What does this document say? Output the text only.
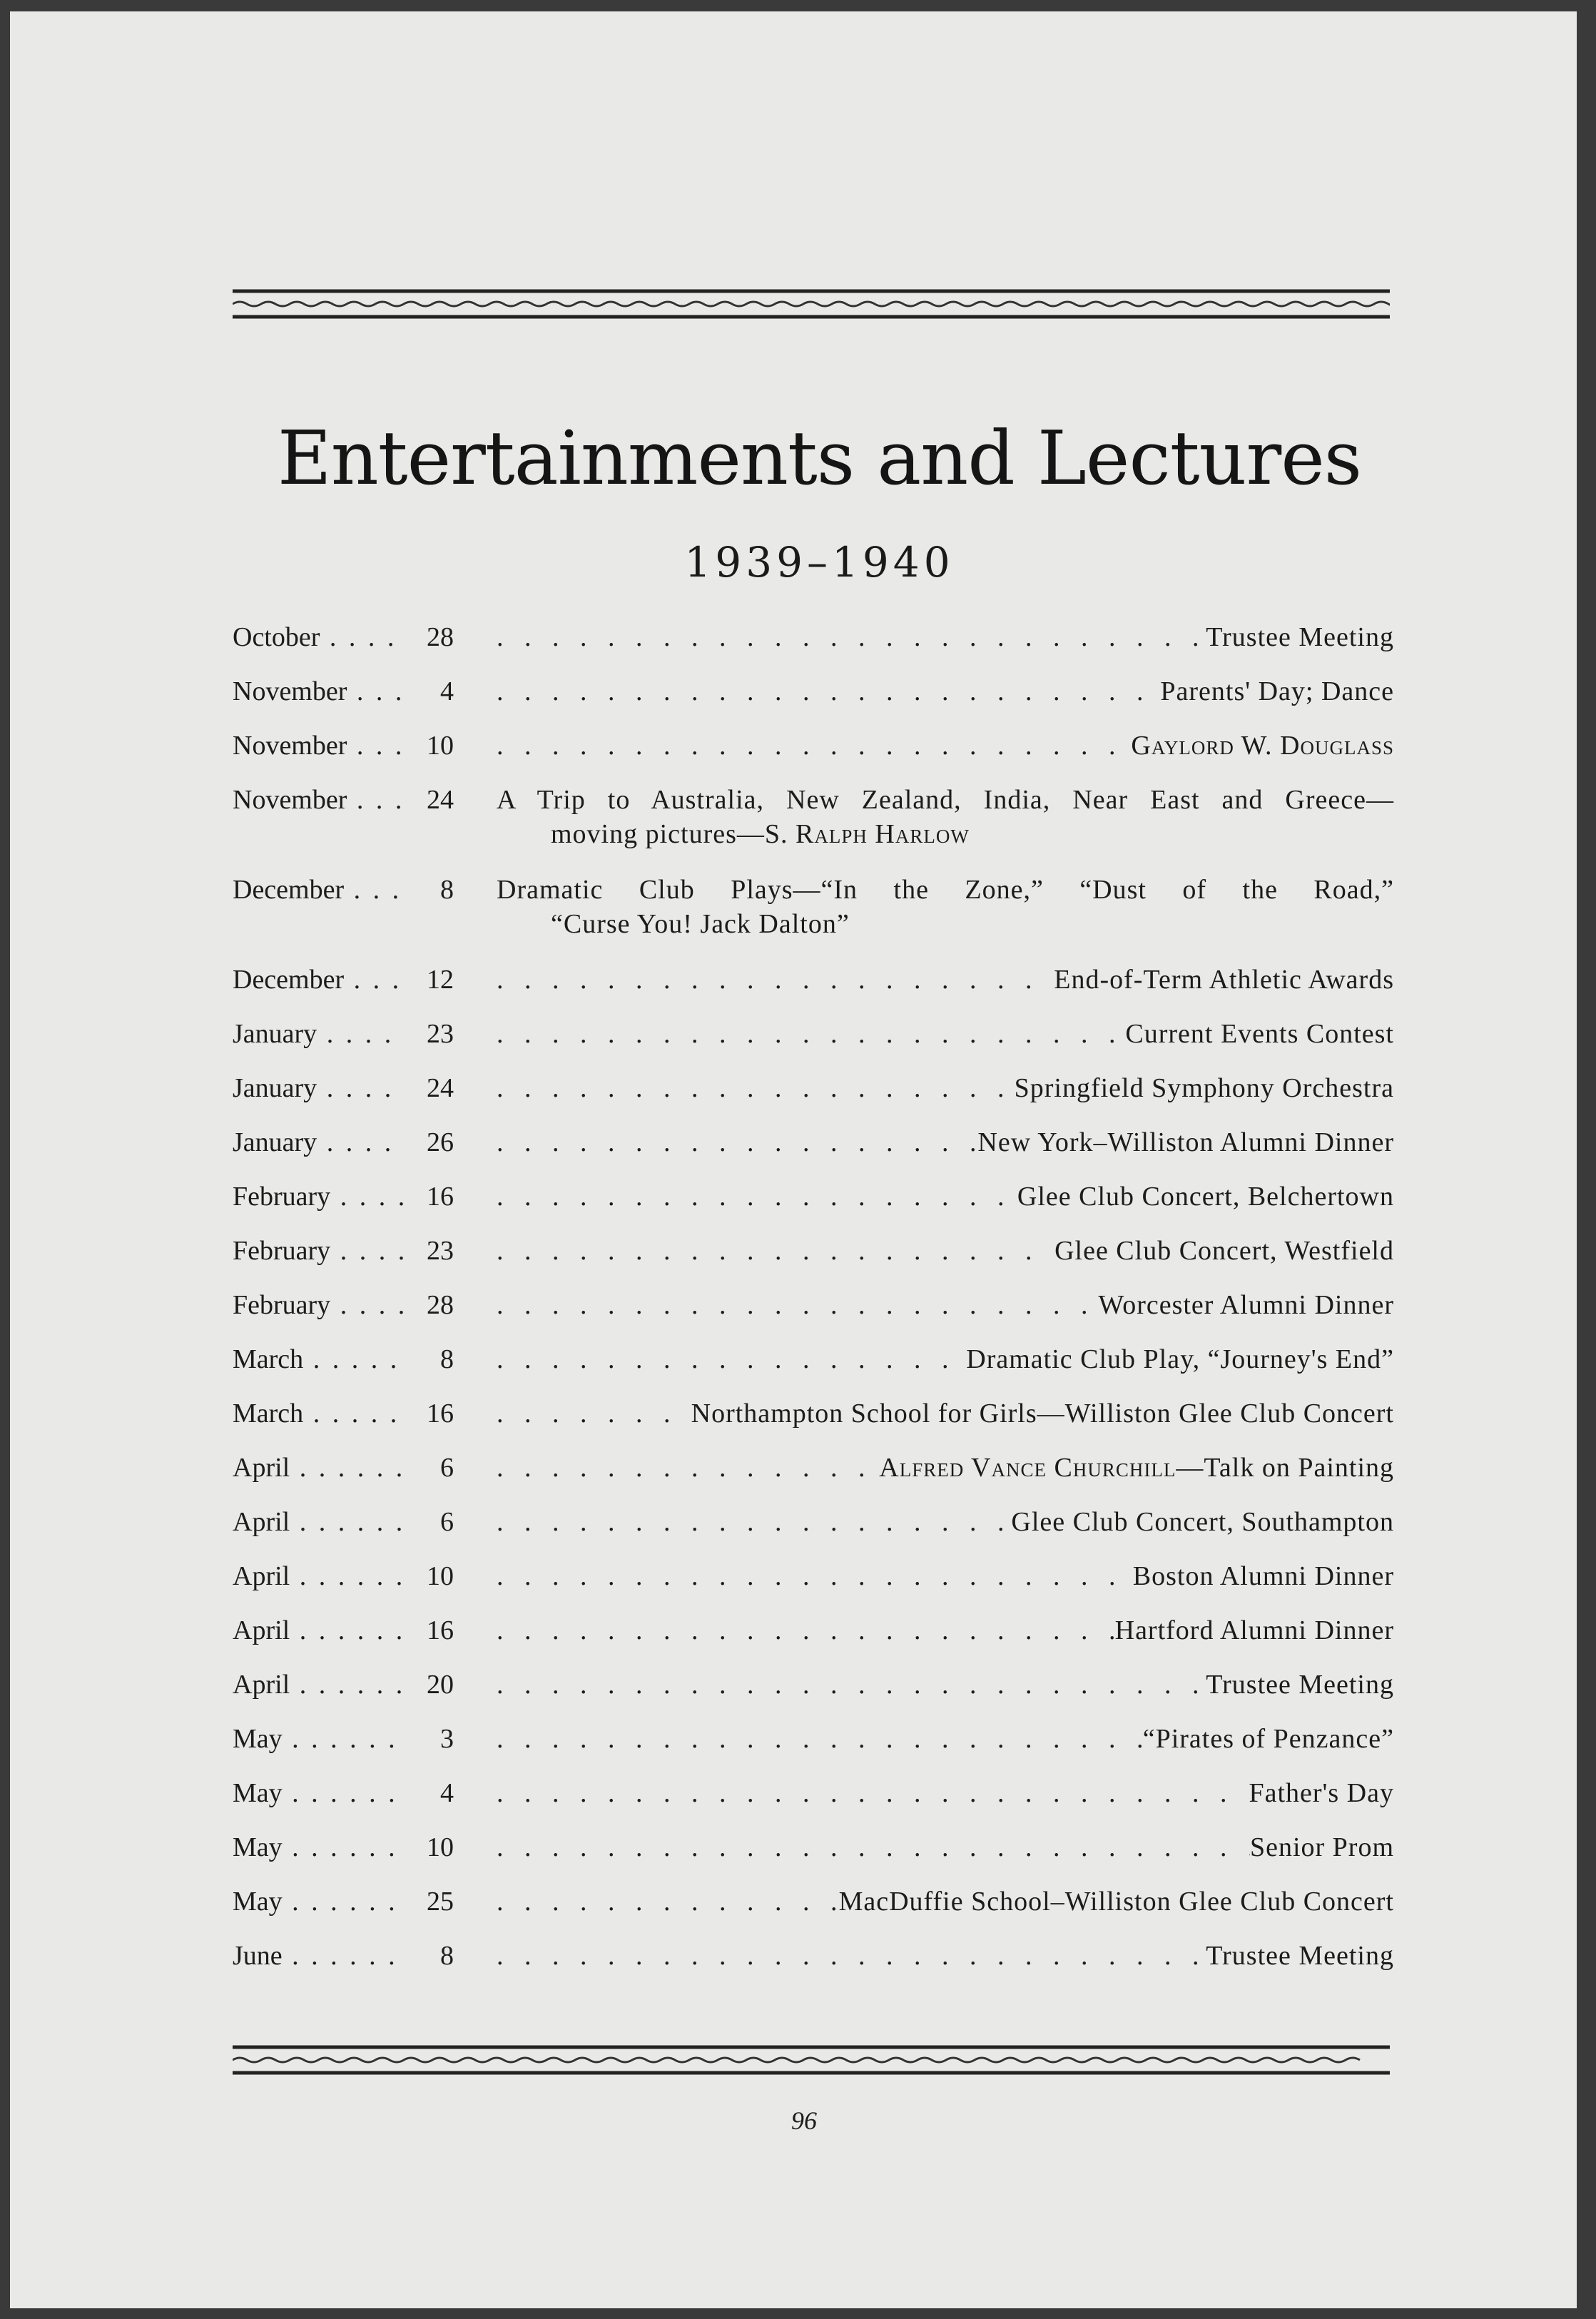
Entertainments and Lectures
1939–1940
October . . .	28 . . .	Trustee Meeting
November . . .	4 . . .	Parents' Day; Dance
November . . .	10 . . .	Gaylord W. Douglass
November . . .	24 A Trip to Australia, New Zealand, India, Near East and Greece—
moving pictures—S. Ralph Harlow
December . . .	8 Dramatic Club Plays—“In the Zone,” “Dust of the Road,”
“Curse You! Jack Dalton”
December . . .	12 . . .	End-of-Term Athletic Awards
January . . .	23 . . .	Current Events Contest
January . . .	24 . . .	Springfield Symphony Orchestra
January . . .	26 . . .	New York–Williston Alumni Dinner
February . . .	16 . . .	Glee Club Concert, Belchertown
February . . .	23 . . .	Glee Club Concert, Westfield
February . . .	28 . . .	Worcester Alumni Dinner
March . . .	8 . . .	Dramatic Club Play, “Journey's End”
March . . .	16 . . .	Northampton School for Girls—Williston Glee Club Concert
April . . .	6 . . .	Alfred Vance Churchill—Talk on Painting
April . . .	6 . . .	Glee Club Concert, Southampton
April . . .	10 . . .	Boston Alumni Dinner
April . . .	16 . . .	Hartford Alumni Dinner
April . . .	20 . . .	Trustee Meeting
May . . .	3 . . .	“Pirates of Penzance”
May . . .	4 . . .	Father's Day
May . . .	10 . . .	Senior Prom
May . . .	25 . . .	MacDuffie School–Williston Glee Club Concert
June . . .	8 . . .	Trustee Meeting
96
